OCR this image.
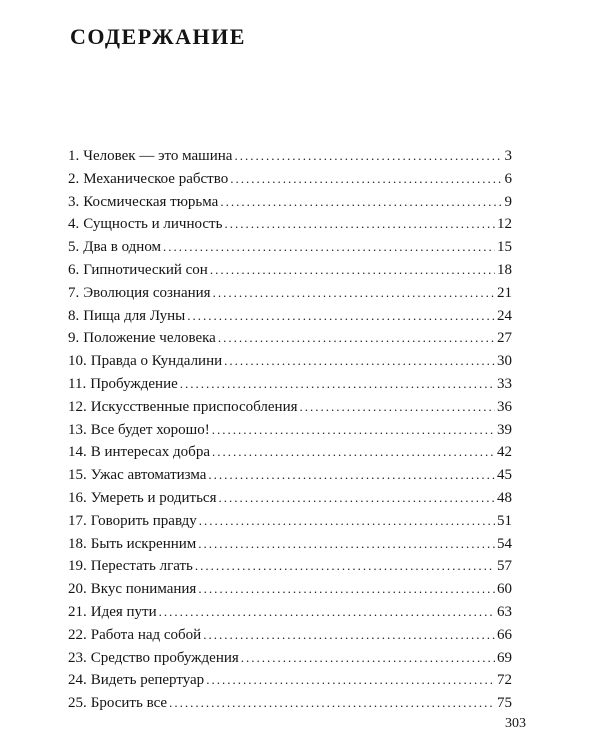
СОДЕРЖАНИЕ
1. Человек — это машина .....	3
2. Механическое рабство .....	6
3. Космическая тюрьма .....	9
4. Сущность и личность .....	12
5. Два в одном .....	15
6. Гипнотический сон .....	18
7. Эволюция сознания .....	21
8. Пища для Луны .....	24
9. Положение человека .....	27
10. Правда о Кундалини .....	30
11. Пробуждение .....	33
12. Искусственные приспособления .....	36
13. Все будет хорошо! .....	39
14. В интересах добра .....	42
15. Ужас автоматизма .....	45
16. Умереть и родиться .....	48
17. Говорить правду .....	51
18. Быть искренним .....	54
19. Перестать лгать .....	57
20. Вкус понимания .....	60
21. Идея пути .....	63
22. Работа над собой .....	66
23. Средство пробуждения .....	69
24. Видеть репертуар .....	72
25. Бросить все .....	75
303
